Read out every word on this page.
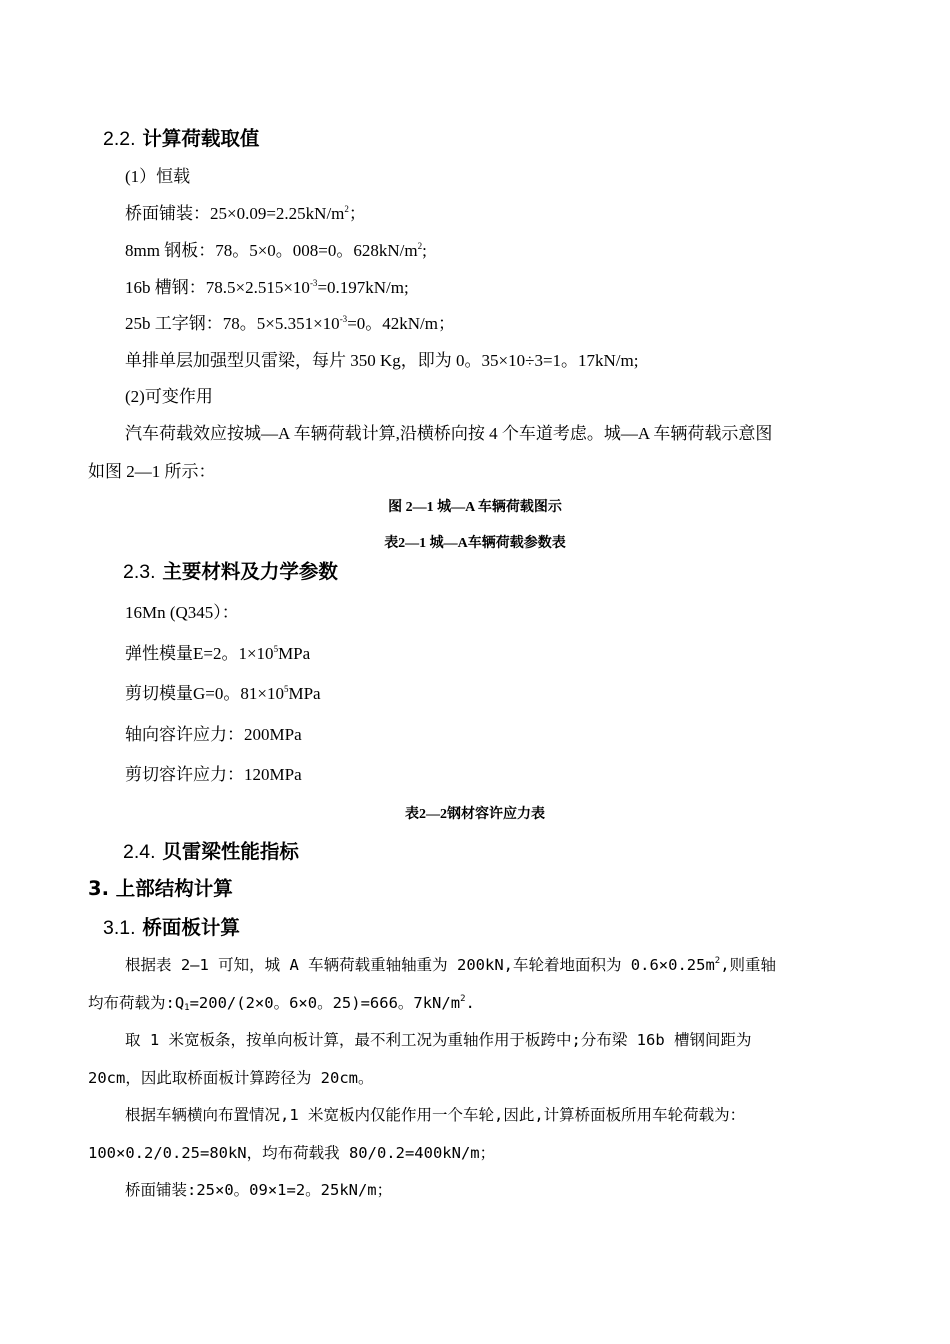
2.2. 计算荷载取值
(1）恒载
桥面铺装：$25\times 0.09=2.25kN/m^2$；
8mm 钢板：78。5×0。008=0。$628kN/m^2$;
16b 槽钢：$78.5\times 2.515\times 10^{-3}=0.197kN/m$;
25b 工字钢：78。$5\times 5.351\times 10^{-3}=0$。42kN/m；
单排单层加强型贝雷梁，每片 350 Kg，即为 0。35×10÷3=1。17kN/m;
(2)可变作用
汽车荷载效应按城—A 车辆荷载计算,沿横桥向按 4 个车道考虑。城—A 车辆荷载示意图
如图 2—1 所示：
图 2—1 城—A 车辆荷载图示
表2—1 城—A车辆荷载参数表
2.3. 主要材料及力学参数
16Mn (Q345）：
弹性模量E=2。$1\times 10^5MPa$
剪切模量G=0。$81\times 10^5MPa$
轴向容许应力：200MPa
剪切容许应力：120MPa
表2—2钢材容许应力表
2.4. 贝雷梁性能指标
3. 上部结构计算
3.1. 桥面板计算
根据表 2—1 可知，城 A 车辆荷载重轴轴重为 200kN,车轮着地面积为 $0.6\times 0.25m^2$,则重轴
均布荷载为$:Q_1=200/(2\times 0$。6×0。25)=666。$7kN/m^2$.
取 1 米宽板条，按单向板计算，最不利工况为重轴作用于板跨中;分布梁 16b 槽钢间距为
20cm，因此取桥面板计算跨径为 20cm。
根据车辆横向布置情况,1 米宽板内仅能作用一个车轮,因此,计算桥面板所用车轮荷载为：
100×0.2/0.25=80kN，均布荷载我 80/0.2=400kN/m；
桥面铺装:25×0。09×1=2。25kN/m；
